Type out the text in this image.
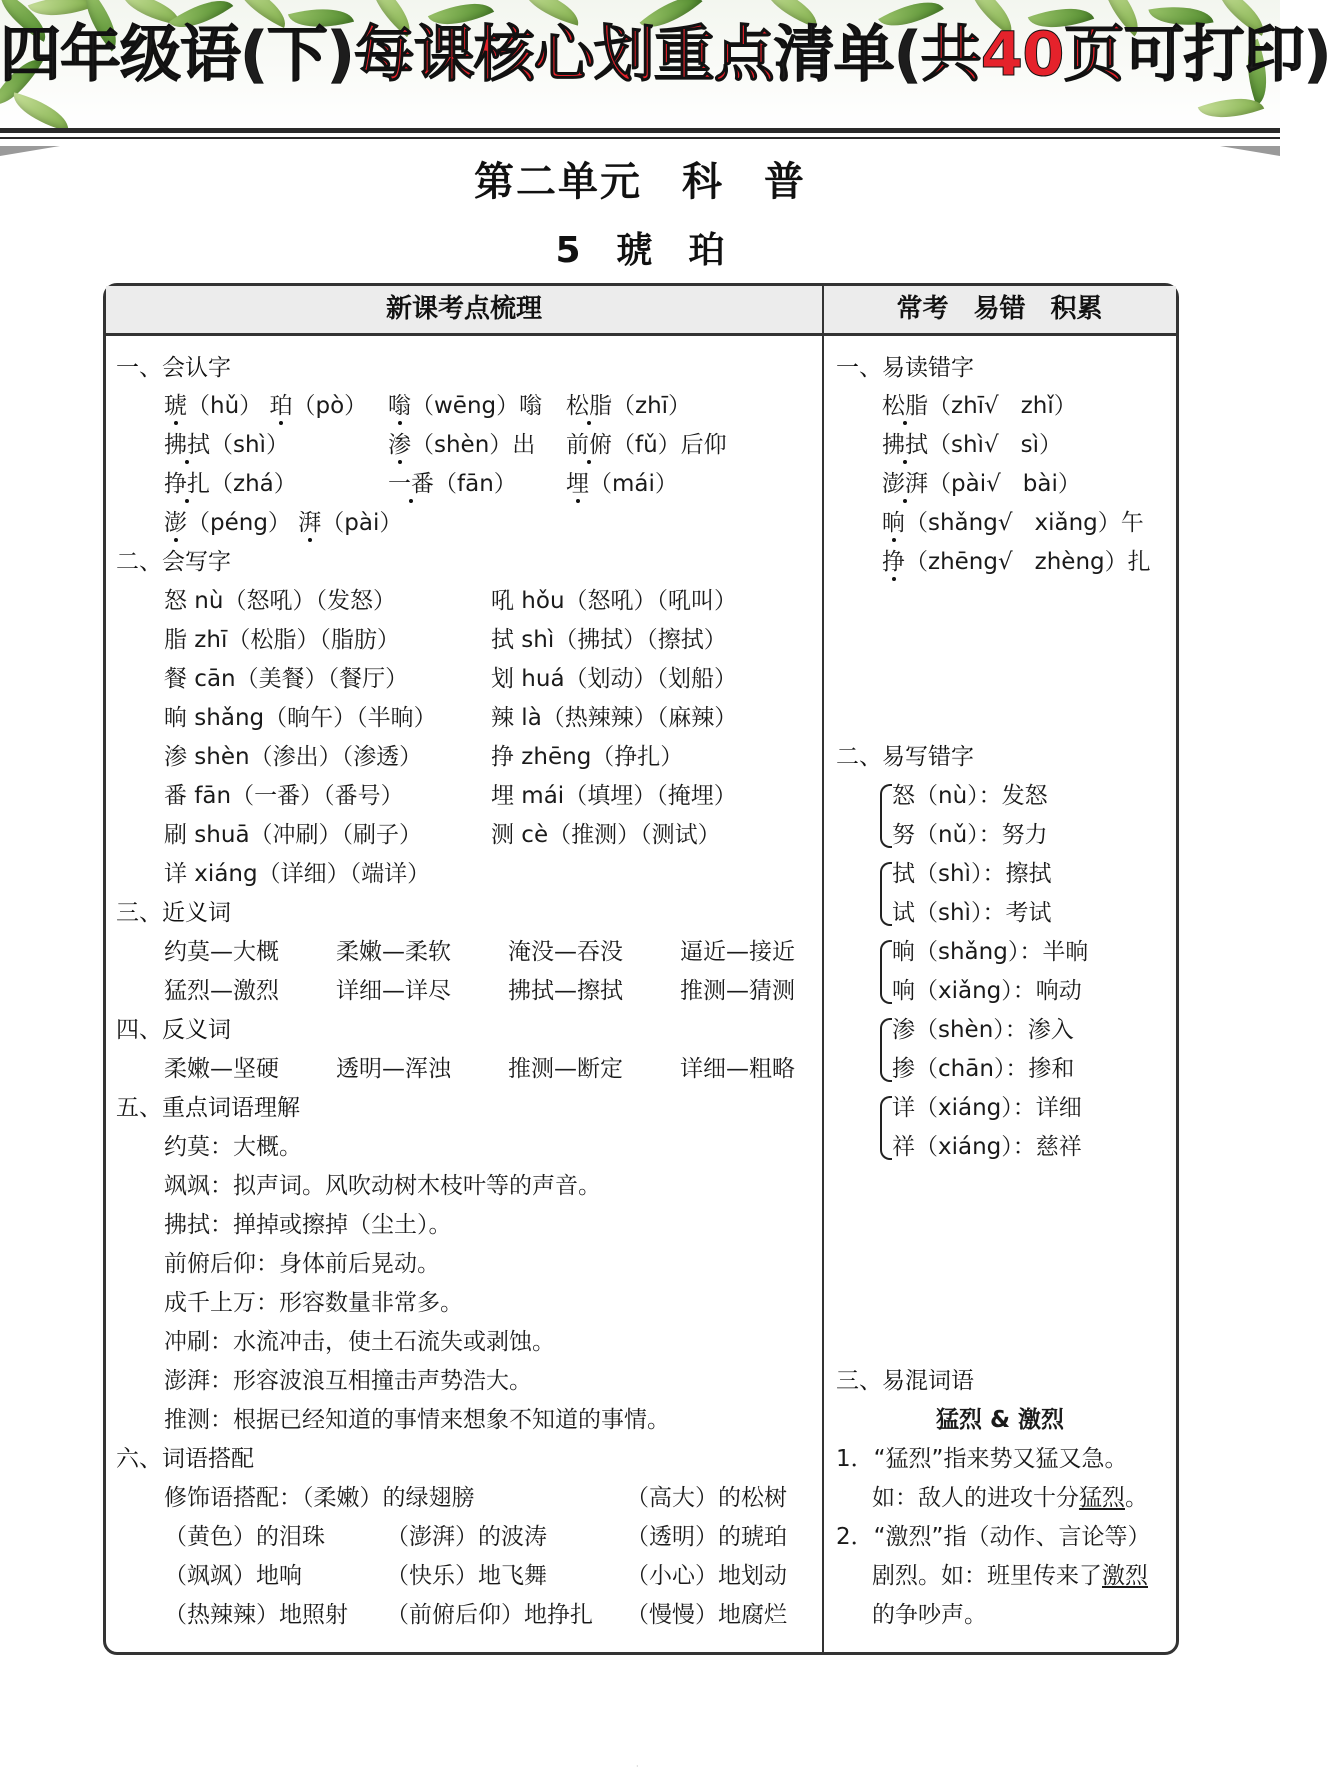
四年级语(下)每课核心划重点清单(共40页可打印)
第二单元 科 普
5 琥 珀
新课考点梳理	常考 易错 积累
一、会认字
琥（hǔ） 珀（pò） 嗡（wēng）嗡 松脂（zhī）
拂拭（shì）	渗（shèn）出 前俯（fǔ）后仰
挣扎（zhá）	一番（fān） 埋（mái）
澎（péng） 湃（pài）
二、会写字
怒 nù（怒吼）（发怒）	吼 hǒu（怒吼）（吼叫）
脂 zhī（松脂）（脂肪）	拭 shì（拂拭）（擦拭）
餐 cān（美餐）（餐厅）	划 huá（划动）（划船）
晌 shǎng（晌午）（半晌） 辣 là（热辣辣）（麻辣）
渗 shèn（渗出）（渗透）	挣 zhēng（挣扎）
番 fān（一番）（番号）	埋 mái（填埋）（掩埋）
刷 shuā（冲刷）（刷子）	测 cè（推测）（测试）
详 xiáng（详细）（端详）
三、近义词
约莫—大概 柔嫩—柔软 淹没—吞没 逼近—接近
猛烈—激烈 详细—详尽 拂拭—擦拭 推测—猜测
四、反义词
柔嫩—坚硬 透明—浑浊 推测—断定 详细—粗略
五、重点词语理解
约莫：大概。
飒飒：拟声词。风吹动树木枝叶等的声音。
拂拭：掸掉或擦掉（尘土）。
前俯后仰：身体前后晃动。
成千上万：形容数量非常多。
冲刷：水流冲击，使土石流失或剥蚀。
澎湃：形容波浪互相撞击声势浩大。
推测：根据已经知道的事情来想象不知道的事情。
六、词语搭配
修饰语搭配：（柔嫩）的绿翅膀	（高大）的松树
（黄色）的泪珠	（澎湃）的波涛	（透明）的琥珀
（飒飒）地响	（快乐）地飞舞	（小心）地划动
（热辣辣）地照射 （前俯后仰）地挣扎 （慢慢）地腐烂
一、易读错字
松脂（zhī√ zhǐ）
拂拭（shì√ sì）
澎湃（pài√ bài）
晌（shǎng√ xiǎng）午
挣（zhēng√ zhèng）扎
二、易写错字
怒（nù）：发怒
努（nǔ）：努力
拭（shì）：擦拭
试（shì）：考试
晌（shǎng）：半晌
响（xiǎng）：响动
渗（shèn）：渗入
掺（chān）：掺和
详（xiáng）：详细
祥（xiáng）：慈祥
三、易混词语
猛烈 & 激烈
1．“猛烈”指来势又猛又急。
如：敌人的进攻十分猛烈。
2．“激烈”指（动作、言论等）
剧烈。如：班里传来了激烈
的争吵声。
·
